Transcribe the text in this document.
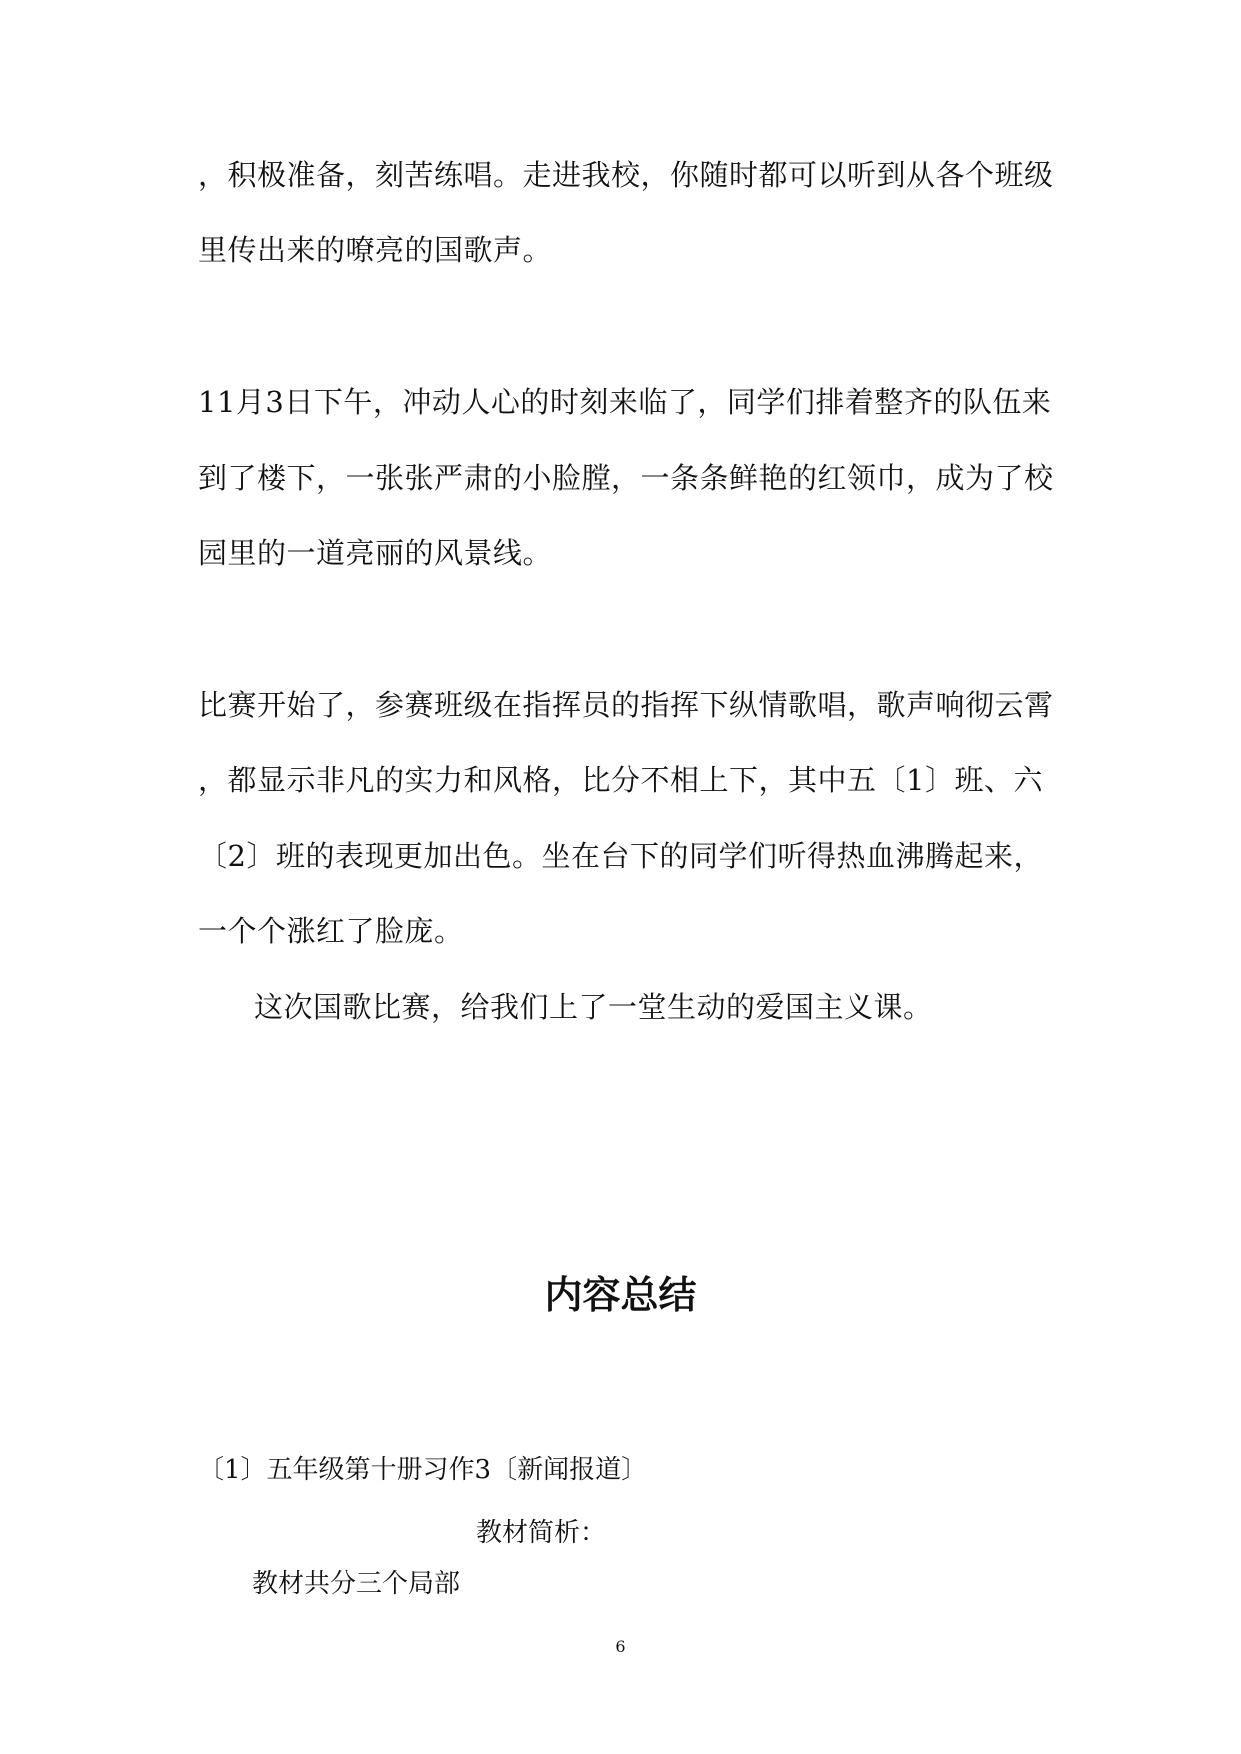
，积极准备，刻苦练唱。走进我校，你随时都可以听到从各个班级
里传出来的嘹亮的国歌声。
11月3日下午，冲动人心的时刻来临了，同学们排着整齐的队伍来
到了楼下，一张张严肃的小脸膛，一条条鲜艳的红领巾，成为了校
园里的一道亮丽的风景线。
比赛开始了，参赛班级在指挥员的指挥下纵情歌唱，歌声响彻云霄
，都显示非凡的实力和风格，比分不相上下，其中五〔1〕班、六
〔2〕班的表现更加出色。坐在台下的同学们听得热血沸腾起来，
一个个涨红了脸庞。
这次国歌比赛，给我们上了一堂生动的爱国主义课。
内容总结
〔1〕五年级第十册习作3〔新闻报道〕
教材简析：
教材共分三个局部
6
